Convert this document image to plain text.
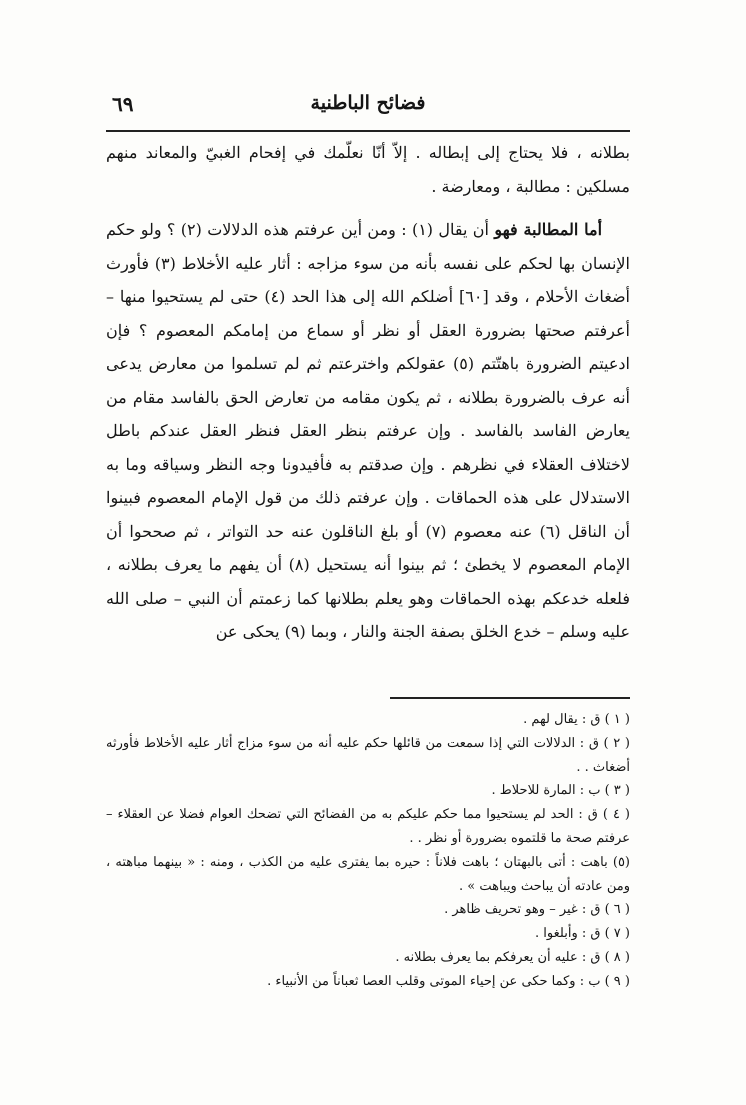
فضائح الباطنية
٦٩

بطلانه ، فلا يحتاج إلى إبطاله . إلاّ أنّا نعلّمك في إفحام الغبيّ والمعاند منهم مسلكين : مطالبة ، ومعارضة .

أما المطالبة فهو أن يقال (١) : ومن أين عرفتم هذه الدلالات (٢) ؟ ولو حكم الإنسان بها لحكم على نفسه بأنه من سوء مزاجه : أثار عليه الأخلاط (٣) فأورث أضغاث الأحلام ، وقد [٦٠] أضلكم الله إلى هذا الحد (٤) حتى لم يستحيوا منها – أعرفتم صحتها بضرورة العقل أو نظر أو سماع من إمامكم المعصوم ؟ فإن ادعيتم الضرورة باهتّتم (٥) عقولكم واخترعتم ثم لم تسلموا من معارض يدعى أنه عرف بالضرورة بطلانه ، ثم يكون مقامه من تعارض الحق بالفاسد مقام من يعارض الفاسد بالفاسد . وإن عرفتم بنظر العقل فنظر العقل عندكم باطل لاختلاف العقلاء في نظرهم . وإن صدقتم به فأفيدونا وجه النظر وسياقه وما به الاستدلال على هذه الحماقات . وإن عرفتم ذلك من قول الإمام المعصوم فبينوا أن الناقل (٦) عنه معصوم (٧) أو بلغ الناقلون عنه حد التواتر ، ثم صححوا أن الإمام المعصوم لا يخطئ ؛ ثم بينوا أنه يستحيل (٨) أن يفهم ما يعرف بطلانه ، فلعله خدعكم بهذه الحماقات وهو يعلم بطلانها كما زعمتم أن النبي – صلى الله عليه وسلم – خدع الخلق بصفة الجنة والنار ، وبما (٩) يحكى عن

( ١ ) ق : يقال لهم .

( ٢ ) ق : الدلالات التي إذا سمعت من قائلها حكم عليه أنه من سوء مزاج أثار عليه الأخلاط فأورثه أضغاث . .

( ٣ ) ب : المارة للاحلاط .

( ٤ ) ق : الحد لم يستحيوا مما حكم عليكم به من الفضائح التي تضحك العوام فضلا عن العقلاء – عرفتم صحة ما قلتموه بضرورة أو نظر . .

(٥) باهت : أتى بالبهتان ؛ باهت فلاناً : حيره بما يفترى عليه من الكذب ، ومنه : « بينهما مباهته ، ومن عادته أن يباحث ويباهت » .

( ٦ ) ق : غير – وهو تحريف ظاهر .

( ٧ ) ق : وأبلغوا .

( ٨ ) ق : عليه أن يعرفكم بما يعرف بطلانه .

( ٩ ) ب : وكما حكى عن إحياء الموتى وقلب العصا ثعباناً من الأنبياء .
